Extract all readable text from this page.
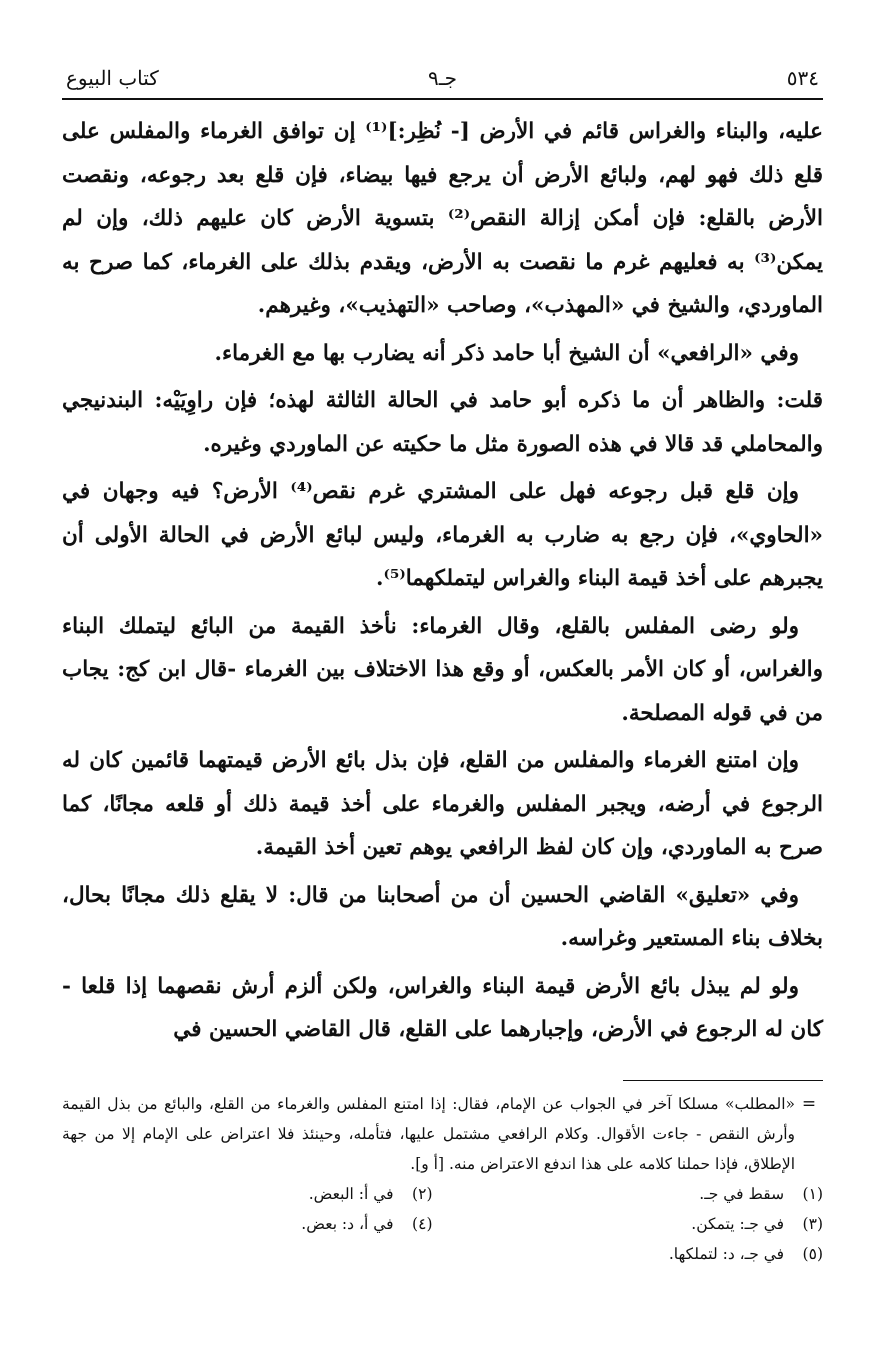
٥٣٤
جـ٩
كتاب البيوع

عليه، والبناء والغراس قائم في الأرض [- نُظِر:]⁽¹⁾ إن توافق الغرماء والمفلس على قلع ذلك فهو لهم، ولبائع الأرض أن يرجع فيها بيضاء، فإن قلع بعد رجوعه، ونقصت الأرض بالقلع: فإن أمكن إزالة النقص⁽²⁾ بتسوية الأرض كان عليهم ذلك، وإن لم يمكن⁽³⁾ به فعليهم غرم ما نقصت به الأرض، ويقدم بذلك على الغرماء، كما صرح به الماوردي، والشيخ في «المهذب»، وصاحب «التهذيب»، وغيرهم.

وفي «الرافعي» أن الشيخ أبا حامد ذكر أنه يضارب بها مع الغرماء.

قلت: والظاهر أن ما ذكره أبو حامد في الحالة الثالثة لهذه؛ فإن راوِيَيْه: البندنيجي والمحاملي قد قالا في هذه الصورة مثل ما حكيته عن الماوردي وغيره.

وإن قلع قبل رجوعه فهل على المشتري غرم نقص⁽⁴⁾ الأرض؟ فيه وجهان في «الحاوي»، فإن رجع به ضارب به الغرماء، وليس لبائع الأرض في الحالة الأولى أن يجبرهم على أخذ قيمة البناء والغراس ليتملكهما⁽⁵⁾.

ولو رضى المفلس بالقلع، وقال الغرماء: نأخذ القيمة من البائع ليتملك البناء والغراس، أو كان الأمر بالعكس، أو وقع هذا الاختلاف بين الغرماء -قال ابن كج: يجاب من في قوله المصلحة.

وإن امتنع الغرماء والمفلس من القلع، فإن بذل بائع الأرض قيمتهما قائمين كان له الرجوع في أرضه، ويجبر المفلس والغرماء على أخذ قيمة ذلك أو قلعه مجانًا، كما صرح به الماوردي، وإن كان لفظ الرافعي يوهم تعين أخذ القيمة.

وفي «تعليق» القاضي الحسين أن من أصحابنا من قال: لا يقلع ذلك مجانًا بحال، بخلاف بناء المستعير وغراسه.

ولو لم يبذل بائع الأرض قيمة البناء والغراس، ولكن ألزم أرش نقصهما إذا قلعا - كان له الرجوع في الأرض، وإجبارهما على القلع، قال القاضي الحسين في

=
«المطلب» مسلكا آخر في الجواب عن الإمام، فقال: إذا امتنع المفلس والغرماء من القلع، والبائع من بذل القيمة وأرش النقص - جاءت الأقوال. وكلام الرافعي مشتمل عليها، فتأمله، وحينئذ فلا اعتراض على الإمام إلا من جهة الإطلاق، فإذا حملنا كلامه على هذا اندفع الاعتراض منه. [أ و].
(١) سقط في جـ.
(٢) في أ: البعض.
(٣) في جـ: يتمكن.
(٤) في أ، د: بعض.
(٥) في جـ، د: لتملكها.
